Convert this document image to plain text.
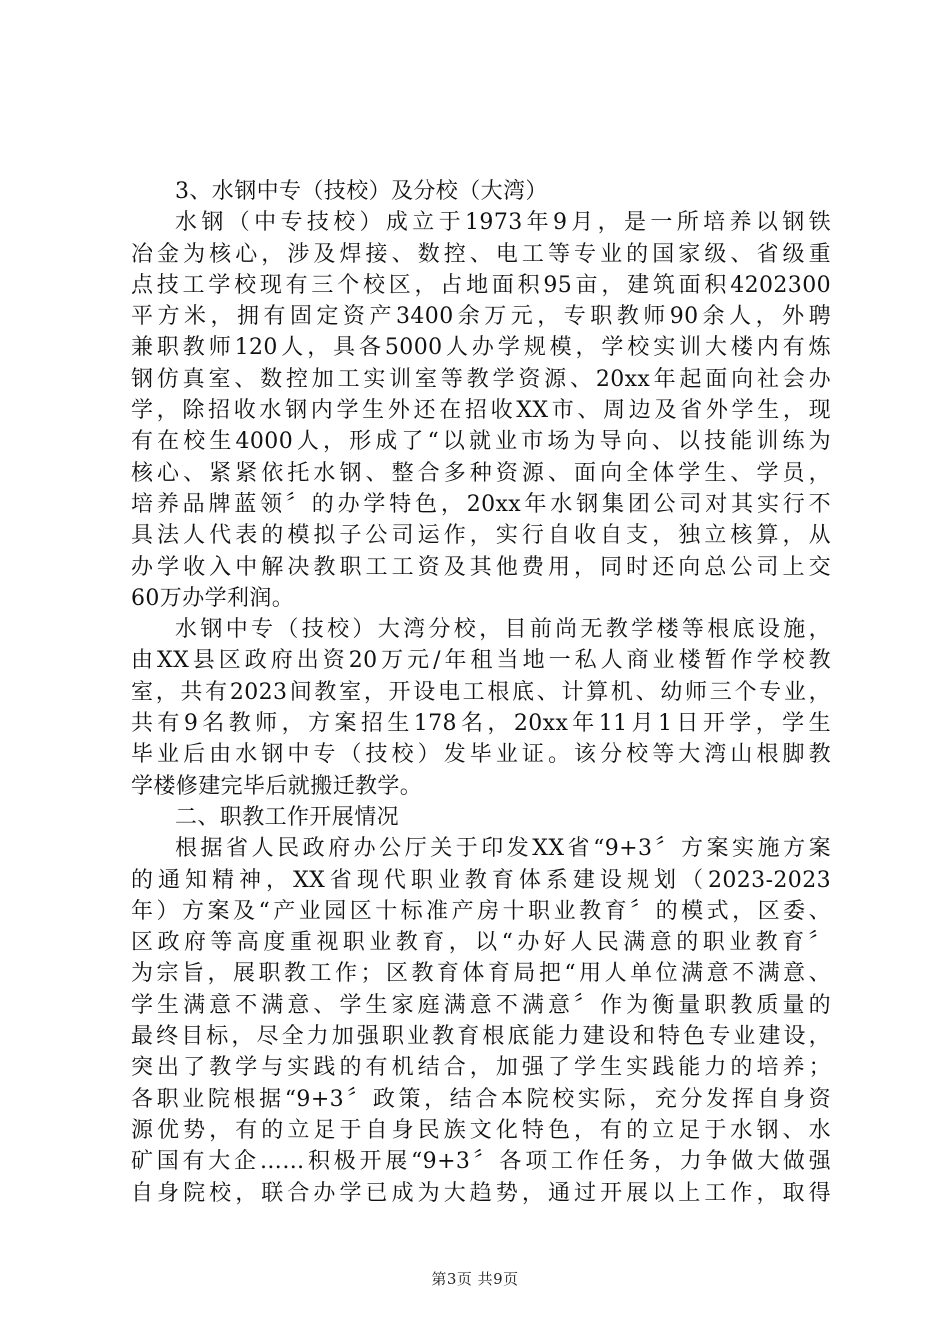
3、水钢中专（技校）及分校（大湾）
水钢（中专技校）成立于1973年9月，是一所培养以钢铁
冶金为核心，涉及焊接、数控、电工等专业的国家级、省级重
点技工学校现有三个校区，占地面积95亩，建筑面积4202300
平方米，拥有固定资产3400余万元，专职教师90余人，外聘
兼职教师120人，具各5000人办学规模，学校实训大楼内有炼
钢仿真室、数控加工实训室等教学资源、20xx年起面向社会办
学，除招收水钢内学生外还在招收XX市、周边及省外学生，现
有在校生4000人，形成了“以就业市场为导向、以技能训练为
核心、紧紧依托水钢、整合多种资源、面向全体学生、学员，
培养品牌蓝领〞的办学特色，20xx年水钢集团公司对其实行不
具法人代表的模拟子公司运作，实行自收自支，独立核算，从
办学收入中解决教职工工资及其他费用，同时还向总公司上交
60万办学利润。
水钢中专（技校）大湾分校，目前尚无教学楼等根底设施，
由XX县区政府出资20万元/年租当地一私人商业楼暂作学校教
室，共有2023间教室，开设电工根底、计算机、幼师三个专业，
共有9名教师，方案招生178名，20xx年11月1日开学，学生
毕业后由水钢中专（技校）发毕业证。该分校等大湾山根脚教
学楼修建完毕后就搬迁教学。
二、职教工作开展情况
根据省人民政府办公厅关于印发XX省“9+3〞方案实施方案
的通知精神，XX省现代职业教育体系建设规划（2023-2023
年）方案及“产业园区十标准产房十职业教育〞的模式，区委、
区政府等高度重视职业教育，以“办好人民满意的职业教育〞
为宗旨，展职教工作；区教育体育局把“用人单位满意不满意、
学生满意不满意、学生家庭满意不满意〞作为衡量职教质量的
最终目标，尽全力加强职业教育根底能力建设和特色专业建设，
突出了教学与实践的有机结合，加强了学生实践能力的培养；
各职业院根据“9+3〞政策，结合本院校实际，充分发挥自身资
源优势，有的立足于自身民族文化特色，有的立足于水钢、水
矿国有大企……积极开展“9+3〞各项工作任务，力争做大做强
自身院校，联合办学已成为大趋势，通过开展以上工作，取得
第3页 共9页
